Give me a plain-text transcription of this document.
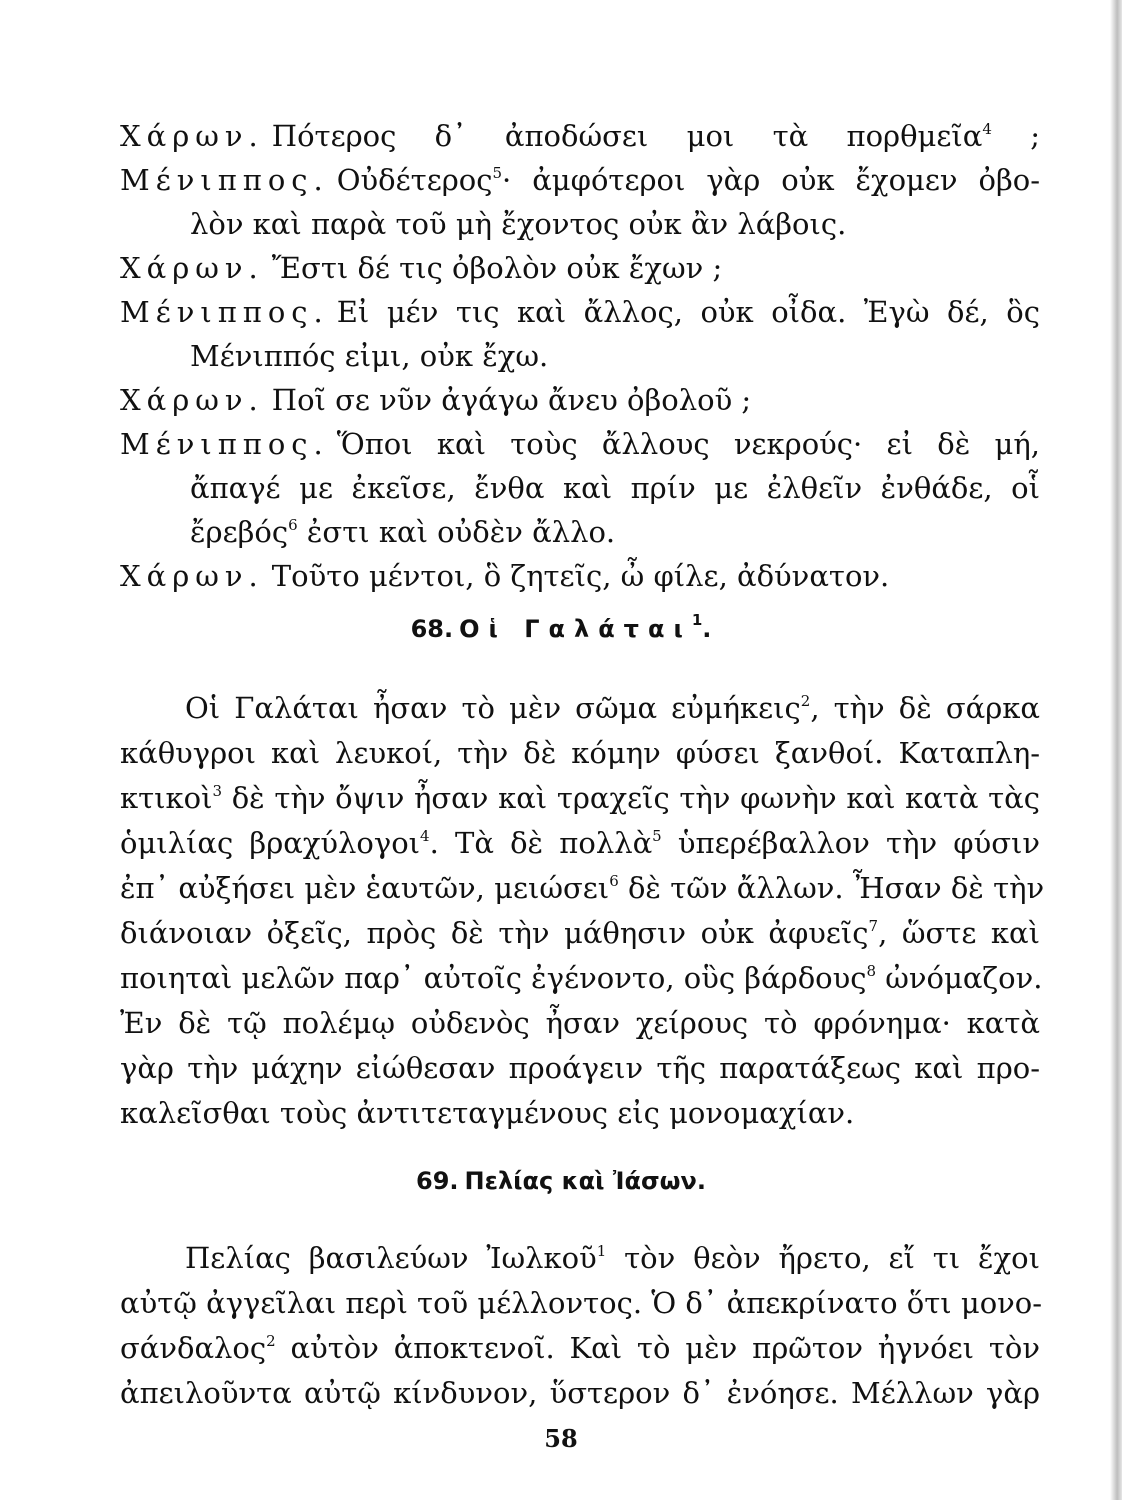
Χάρων. Πότερος δ᾿ ἀποδώσει μοι τὰ πορθμεῖα$^4$ ;
Μένιππος. Οὐδέτερος$^5$· ἀμφότεροι γὰρ οὐκ ἔχομεν ὀβο-
λὸν καὶ παρὰ τοῦ μὴ ἔχοντος οὐκ ἂν λάβοις.
Χάρων. Ἔστι δέ τις ὀβολὸν οὐκ ἔχων ;
Μένιππος. Εἰ μέν τις καὶ ἄλλος, οὐκ οἶδα. Ἐγὼ δέ, ὃς
Μένιππός εἰμι, οὐκ ἔχω.
Χάρων. Ποῖ σε νῦν ἀγάγω ἄνευ ὀβολοῦ ;
Μένιππος. Ὅποι καὶ τοὺς ἄλλους νεκρούς· εἰ δὲ μή,
ἄπαγέ με ἐκεῖσε, ἔνθα καὶ πρίν με ἐλθεῖν ἐνθάδε, οἷ
ἔρεβός$^6$ ἐστι καὶ οὐδὲν ἄλλο.
Χάρων. Τοῦτο μέντοι, ὃ ζητεῖς, ὦ φίλε, ἀδύνατον.
68. Οἱ Γαλάται$^1$.
Οἱ Γαλάται ἦσαν τὸ μὲν σῶμα εὐμήκεις$^2$, τὴν δὲ σάρκα
κάθυγροι καὶ λευκοί, τὴν δὲ κόμην φύσει ξανθοί. Καταπλη-
κτικοὶ$^3$ δὲ τὴν ὄψιν ἦσαν καὶ τραχεῖς τὴν φωνὴν καὶ κατὰ τὰς
ὁμιλίας βραχύλογοι$^4$. Τὰ δὲ πολλὰ$^5$ ὑπερέβαλλον τὴν φύσιν
ἐπ᾿ αὐξήσει μὲν ἑαυτῶν, μειώσει$^6$ δὲ τῶν ἄλλων. Ἦσαν δὲ τὴν
διάνοιαν ὀξεῖς, πρὸς δὲ τὴν μάθησιν οὐκ ἀφυεῖς$^7$, ὥστε καὶ
ποιηταὶ μελῶν παρ᾿ αὐτοῖς ἐγένοντο, οὓς βάρδους$^8$ ὠνόμαζον.
Ἐν δὲ τῷ πολέμῳ οὐδενὸς ἦσαν χείρους τὸ φρόνημα· κατὰ
γὰρ τὴν μάχην εἰώθεσαν προάγειν τῆς παρατάξεως καὶ προ-
καλεῖσθαι τοὺς ἀντιτεταγμένους εἰς μονομαχίαν.
69. Πελίας καὶ Ἰάσων.
Πελίας βασιλεύων Ἰωλκοῦ$^1$ τὸν θεὸν ἤρετο, εἴ τι ἔχοι
αὐτῷ ἀγγεῖλαι περὶ τοῦ μέλλοντος. Ὁ δ᾿ ἀπεκρίνατο ὅτι μονο-
σάνδαλος$^2$ αὐτὸν ἀποκτενοῖ. Καὶ τὸ μὲν πρῶτον ἠγνόει τὸν
ἀπειλοῦντα αὐτῷ κίνδυνον, ὕστερον δ᾿ ἐνόησε. Μέλλων γὰρ
58
